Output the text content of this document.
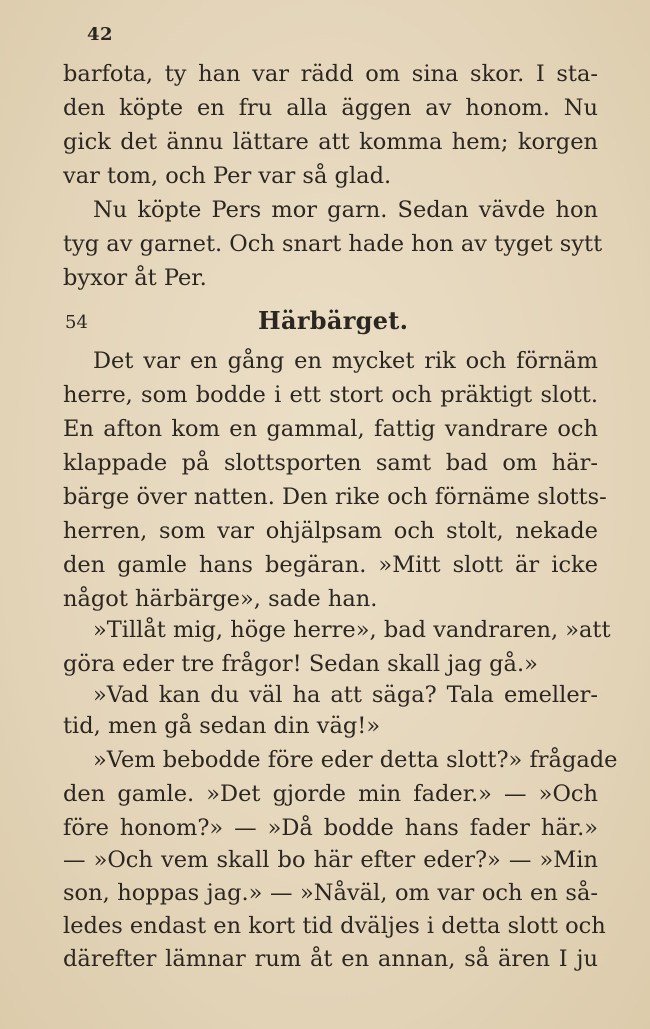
42
barfota, ty han var rädd om sina skor. I sta-
den köpte en fru alla äggen av honom. Nu
gick det ännu lättare att komma hem; korgen
var tom, och Per var så glad.
Nu köpte Pers mor garn. Sedan vävde hon
tyg av garnet. Och snart hade hon av tyget sytt
byxor åt Per.
54	Härbärget.
Det var en gång en mycket rik och förnäm
herre, som bodde i ett stort och präktigt slott.
En afton kom en gammal, fattig vandrare och
klappade på slottsporten samt bad om här-
bärge över natten. Den rike och förnäme slotts-
herren, som var ohjälpsam och stolt, nekade
den gamle hans begäran. »Mitt slott är icke
något härbärge», sade han.
»Tillåt mig, höge herre», bad vandraren, »att
göra eder tre frågor! Sedan skall jag gå.»
»Vad kan du väl ha att säga? Tala emeller-
tid, men gå sedan din väg!»
»Vem bebodde före eder detta slott?» frågade
den gamle. »Det gjorde min fader.» — »Och
före honom?» — »Då bodde hans fader här.»
— »Och vem skall bo här efter eder?» — »Min
son, hoppas jag.» — »Nåväl, om var och en så-
ledes endast en kort tid dväljes i detta slott och
därefter lämnar rum åt en annan, så ären I ju
